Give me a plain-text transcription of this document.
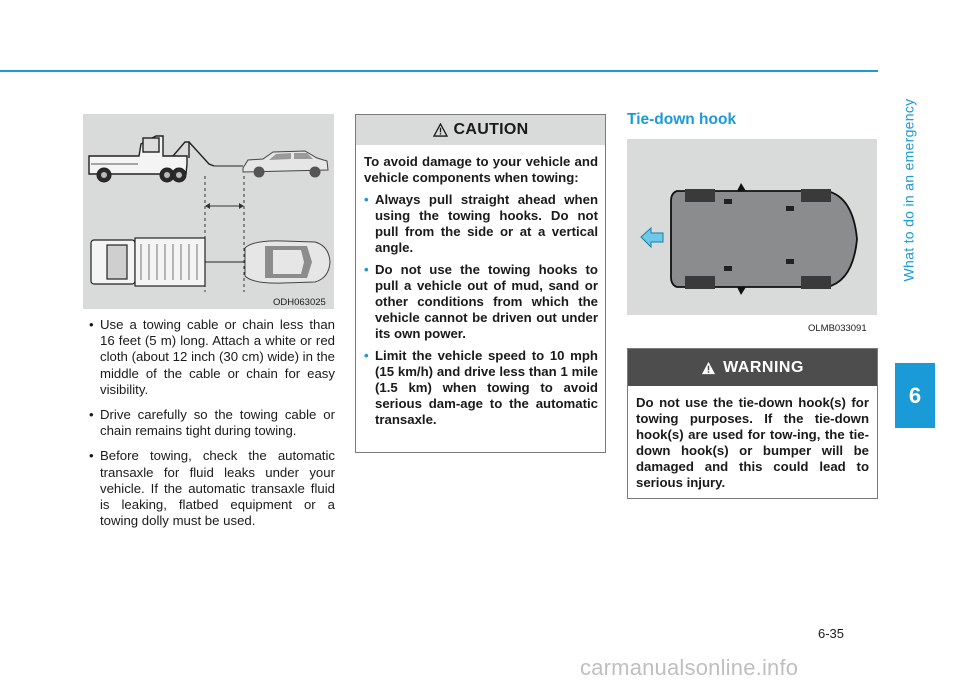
What to do in an emergency
6
ODH063025
• Use a towing cable or chain less than 16 feet (5 m) long. Attach a white or red cloth (about 12 inch (30 cm) wide) in the middle of the cable or chain for easy visibility.
• Drive carefully so the towing cable or chain remains tight during towing.
• Before towing, check the automatic transaxle for fluid leaks under your vehicle. If the automatic transaxle fluid is leaking, flatbed equipment or a towing dolly must be used.
CAUTION

To avoid damage to your vehicle and vehicle components when towing:

• Always pull straight ahead when using the towing hooks. Do not pull from the side or at a vertical angle.
• Do not use the towing hooks to pull a vehicle out of mud, sand or other conditions from which the vehicle cannot be driven out under its own power.
• Limit the vehicle speed to 10 mph (15 km/h) and drive less than 1 mile (1.5 km) when towing to avoid serious dam-age to the automatic transaxle.
Tie-down hook
OLMB033091
WARNING

Do not use the tie-down hook(s) for towing purposes. If the tie-down hook(s) are used for tow-ing, the tie-down hook(s) or bumper will be damaged and this could lead to serious injury.

6-35
carmanualsonline.info
